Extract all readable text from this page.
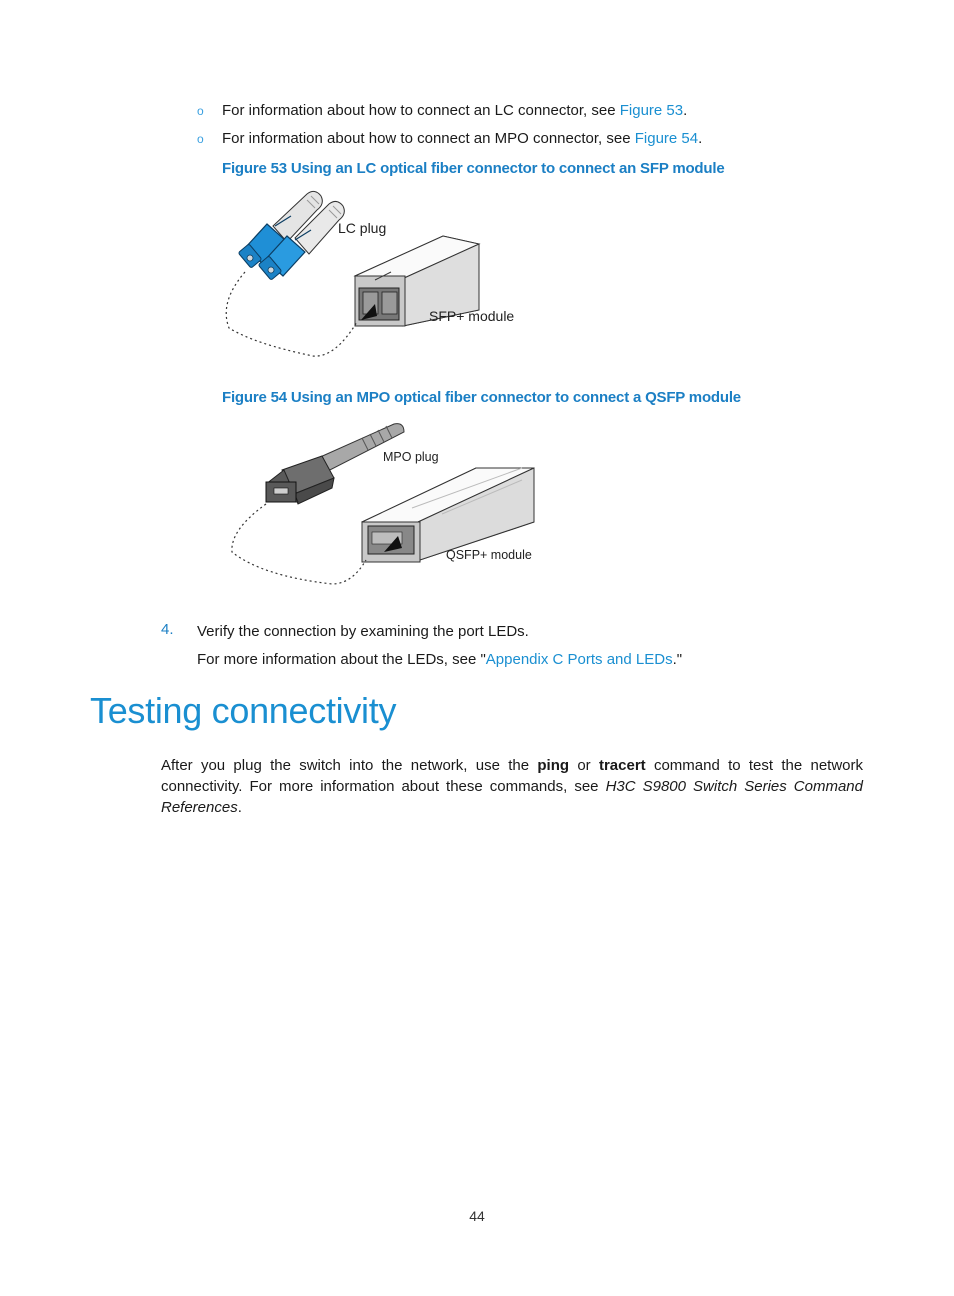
o For information about how to connect an LC connector, see Figure 53.
o For information about how to connect an MPO connector, see Figure 54.
Figure 53 Using an LC optical fiber connector to connect an SFP module
LC plug
SFP+ module
Figure 54 Using an MPO optical fiber connector to connect a QSFP module
MPO plug
QSFP+ module
4. Verify the connection by examining the port LEDs.
For more information about the LEDs, see "Appendix C Ports and LEDs."
Testing connectivity
After you plug the switch into the network, use the ping or tracert command to test the network connectivity. For more information about these commands, see H3C S9800 Switch Series Command References.
44
